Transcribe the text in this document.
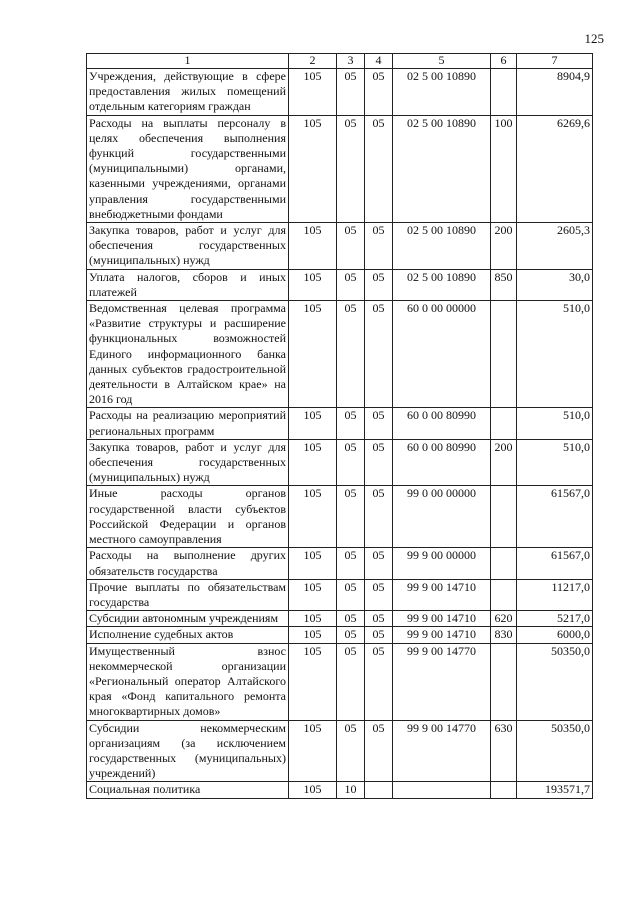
125
1	2	3	4	5	6	7
Учреждения, действующие в сфере предоставления жилых помещений отдельным категориям граждан	105	05	05	02 5 00 10890		8904,9
Расходы на выплаты персоналу в целях обеспечения выполнения функций государственными (муниципальными) органами, казенными учреждениями, органами управления государственными внебюджетными фондами	105	05	05	02 5 00 10890	100	6269,6
Закупка товаров, работ и услуг для обеспечения государственных (муниципальных) нужд	105	05	05	02 5 00 10890	200	2605,3
Уплата налогов, сборов и иных платежей	105	05	05	02 5 00 10890	850	30,0
Ведомственная целевая программа «Развитие структуры и расширение функциональных возможностей Единого информационного банка данных субъектов градостроительной деятельности в Алтайском крае» на 2016 год	105	05	05	60 0 00 00000		510,0
Расходы на реализацию мероприятий региональных программ	105	05	05	60 0 00 80990		510,0
Закупка товаров, работ и услуг для обеспечения государственных (муниципальных) нужд	105	05	05	60 0 00 80990	200	510,0
Иные расходы органов государственной власти субъектов Российской Федерации и органов местного самоуправления	105	05	05	99 0 00 00000		61567,0
Расходы на выполнение других обязательств государства	105	05	05	99 9 00 00000		61567,0
Прочие выплаты по обязательствам государства	105	05	05	99 9 00 14710		11217,0
Субсидии автономным учреждениям	105	05	05	99 9 00 14710	620	5217,0
Исполнение судебных актов	105	05	05	99 9 00 14710	830	6000,0
Имущественный взнос некоммерческой организации «Региональный оператор Алтайского края «Фонд капитального ремонта многоквартирных домов»	105	05	05	99 9 00 14770		50350,0
Субсидии некоммерческим организациям (за исключением государственных (муниципальных) учреждений)	105	05	05	99 9 00 14770	630	50350,0
Социальная политика	105	10				193571,7
